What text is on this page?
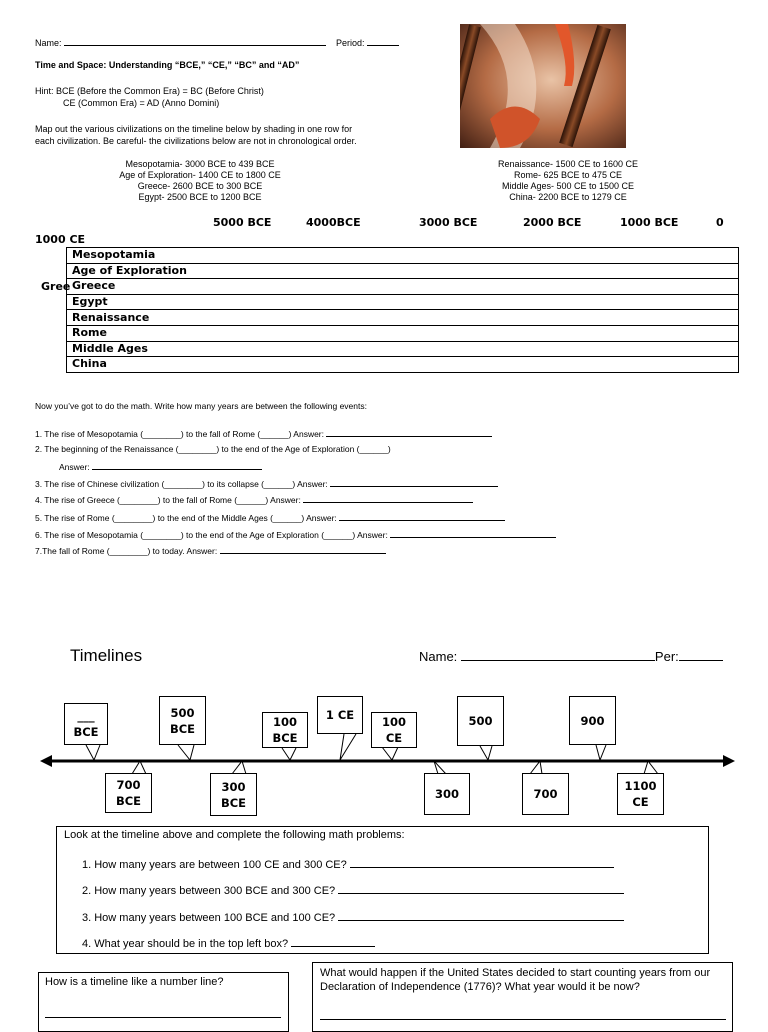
Name:	Period:
Time and Space: Understanding “BCE,” “CE,” “BC” and “AD”
Hint: BCE (Before the Common Era) = BC (Before Christ)
CE (Common Era) = AD (Anno Domini)
Map out the various civilizations on the timeline below by shading in one row for
each civilization. Be careful- the civilizations below are not in chronological order.
Mesopotamia- 3000 BCE to 439 BCE
Age of Exploration- 1400 CE to 1800 CE
Greece- 2600 BCE to 300 BCE
Egypt- 2500 BCE to 1200 BCE
Renaissance- 1500 CE to 1600 CE
Rome- 625 BCE to 475 CE
Middle Ages- 500 CE to 1500 CE
China- 2200 BCE to 1279 CE
5000 BCE	4000BCE	3000 BCE	2000 BCE	1000 BCE	0
1000 CE
Gree
Mesopotamia
Age of Exploration
Greece
Egypt
Renaissance
Rome
Middle Ages
China
Now you’ve got to do the math. Write how many years are between the following events:
1. The rise of Mesopotamia (________) to the fall of Rome (______) Answer:
2. The beginning of the Renaissance (________) to the end of the Age of Exploration (______)
Answer:
3. The rise of Chinese civilization (________) to its collapse (______) Answer:
4. The rise of Greece (________) to the fall of Rome (______) Answer:
5. The rise of Rome (________) to the end of the Middle Ages (______) Answer:
6. The rise of Mesopotamia (________) to the end of the Age of Exploration (______) Answer:
7.The fall of Rome (________) to today. Answer:
Timelines	Name:	Per:
___
BCE
500
BCE	100
BCE
1 CE	100
CE
500	900
700
BCE
300
BCE
300	700
1100
CE
Look at the timeline above and complete the following math problems:
1. How many years are between 100 CE and 300 CE?
2. How many years between 300 BCE and 300 CE?
3. How many years between 100 BCE and 100 CE?
4. What year should be in the top left box?
How is a timeline like a number line?
What would happen if the United States decided to start counting years from our Declaration of Independence (1776)? What year would it be now?
